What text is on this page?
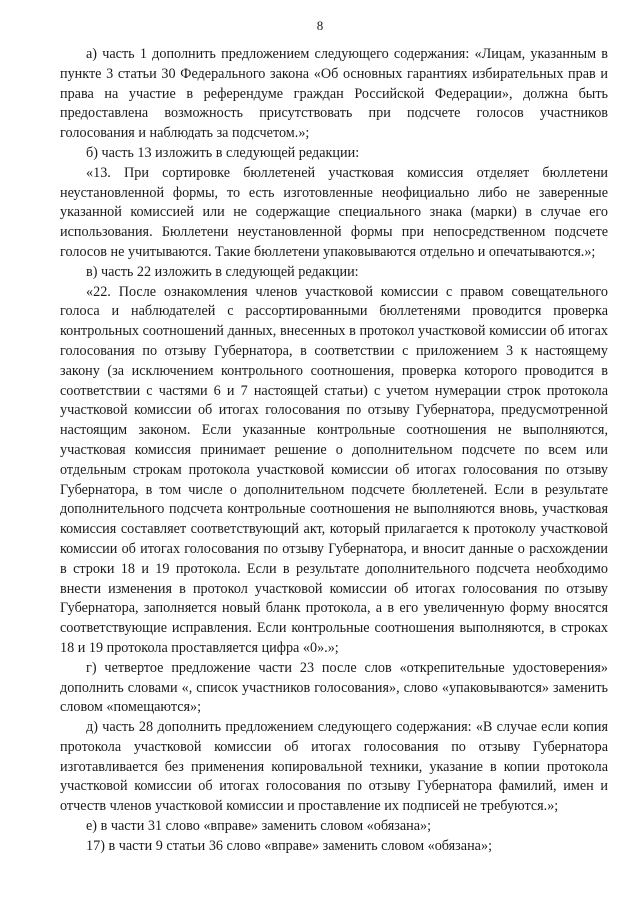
8

а) часть 1 дополнить предложением следующего содержания: «Лицам, указанным в пункте 3 статьи 30 Федерального закона «Об основных гарантиях избирательных прав и права на участие в референдуме граждан Российской Федерации», должна быть предоставлена возможность присутствовать при подсчете голосов участников голосования и наблюдать за подсчетом.»;

б) часть 13 изложить в следующей редакции:

«13. При сортировке бюллетеней участковая комиссия отделяет бюллетени неустановленной формы, то есть изготовленные неофициально либо не заверенные указанной комиссией или не содержащие специального знака (марки) в случае его использования. Бюллетени неустановленной формы при непосредственном подсчете голосов не учитываются. Такие бюллетени упаковываются отдельно и опечатываются.»;

в) часть 22 изложить в следующей редакции:

«22. После ознакомления членов участковой комиссии с правом совещательного голоса и наблюдателей с рассортированными бюллетенями проводится проверка контрольных соотношений данных, внесенных в протокол участковой комиссии об итогах голосования по отзыву Губернатора, в соответствии с приложением 3 к настоящему закону (за исключением контрольного соотношения, проверка которого проводится в соответствии с частями 6 и 7 настоящей статьи) с учетом нумерации строк протокола участковой комиссии об итогах голосования по отзыву Губернатора, предусмотренной настоящим законом. Если указанные контрольные соотношения не выполняются, участковая комиссия принимает решение о дополнительном подсчете по всем или отдельным строкам протокола участковой комиссии об итогах голосования по отзыву Губернатора, в том числе о дополнительном подсчете бюллетеней. Если в результате дополнительного подсчета контрольные соотношения не выполняются вновь, участковая комиссия составляет соответствующий акт, который прилагается к протоколу участковой комиссии об итогах голосования по отзыву Губернатора, и вносит данные о расхождении в строки 18 и 19 протокола. Если в результате дополнительного подсчета необходимо внести изменения в протокол участковой комиссии об итогах голосования по отзыву Губернатора, заполняется новый бланк протокола, а в его увеличенную форму вносятся соответствующие исправления. Если контрольные соотношения выполняются, в строках 18 и 19 протокола проставляется цифра «0».»;

г) четвертое предложение части 23 после слов «открепительные удостоверения» дополнить словами «, список участников голосования», слово «упаковываются» заменить словом «помещаются»;

д) часть 28 дополнить предложением следующего содержания: «В случае если копия протокола участковой комиссии об итогах голосования по отзыву Губернатора изготавливается без применения копировальной техники, указание в копии протокола участковой комиссии об итогах голосования по отзыву Губернатора фамилий, имен и отчеств членов участковой комиссии и проставление их подписей не требуются.»;

е) в части 31 слово «вправе» заменить словом «обязана»;

17) в части 9 статьи 36 слово «вправе» заменить словом «обязана»;
